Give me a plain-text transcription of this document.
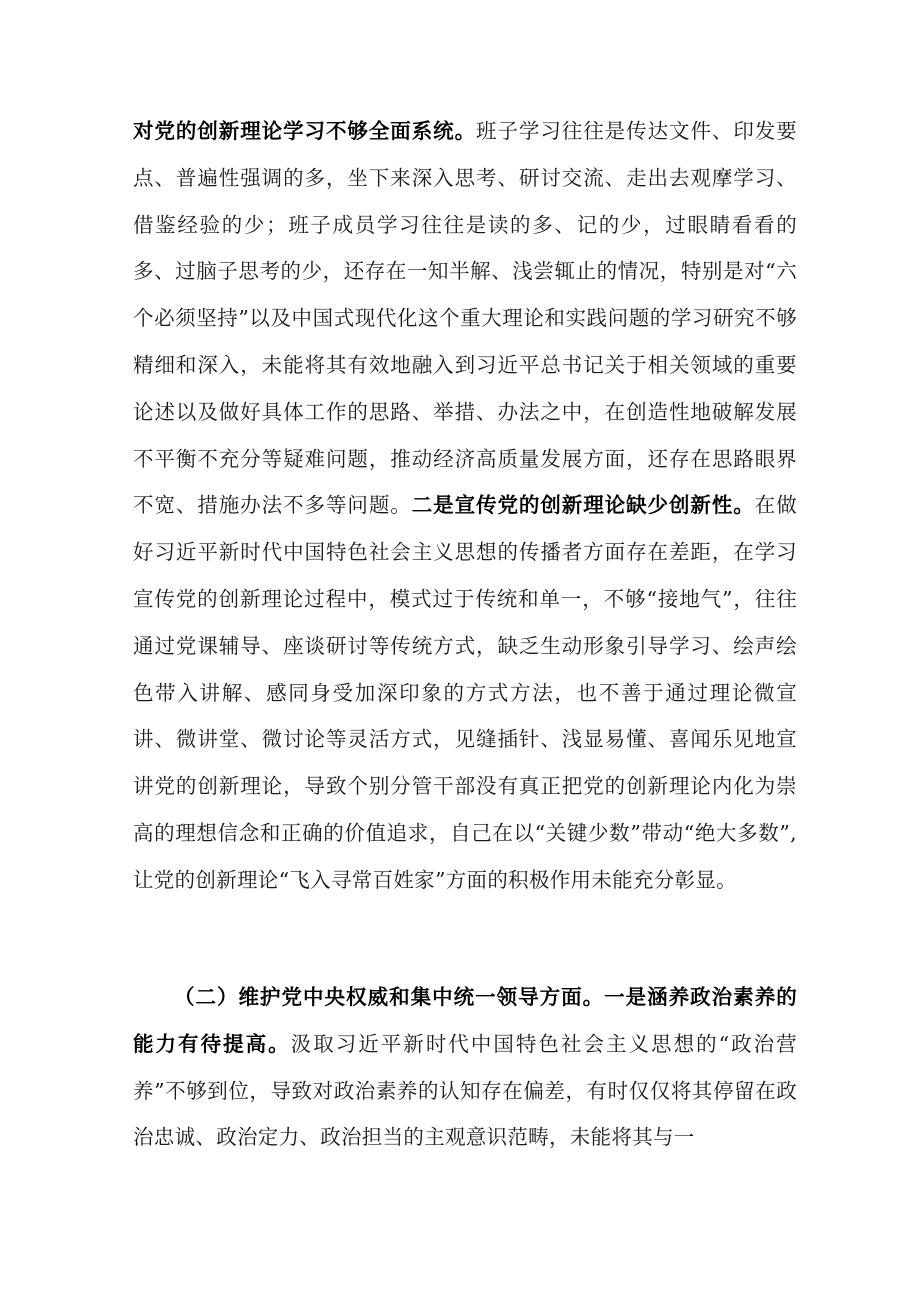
对党的创新理论学习不够全面系统。班子学习往往是传达文件、印发要点、普遍性强调的多，坐下来深入思考、研讨交流、走出去观摩学习、借鉴经验的少；班子成员学习往往是读的多、记的少，过眼睛看看的多、过脑子思考的少，还存在一知半解、浅尝辄止的情况，特别是对“六个必须坚持”以及中国式现代化这个重大理论和实践问题的学习研究不够精细和深入，未能将其有效地融入到习近平总书记关于相关领域的重要论述以及做好具体工作的思路、举措、办法之中，在创造性地破解发展不平衡不充分等疑难问题，推动经济高质量发展方面，还存在思路眼界不宽、措施办法不多等问题。二是宣传党的创新理论缺少创新性。在做好习近平新时代中国特色社会主义思想的传播者方面存在差距，在学习宣传党的创新理论过程中，模式过于传统和单一，不够“接地气”，往往通过党课辅导、座谈研讨等传统方式，缺乏生动形象引导学习、绘声绘色带入讲解、感同身受加深印象的方式方法，也不善于通过理论微宣讲、微讲堂、微讨论等灵活方式，见缝插针、浅显易懂、喜闻乐见地宣讲党的创新理论，导致个别分管干部没有真正把党的创新理论内化为崇高的理想信念和正确的价值追求，自己在以“关键少数”带动“绝大多数”,让党的创新理论“飞入寻常百姓家”方面的积极作用未能充分彰显。

（二）维护党中央权威和集中统一领导方面。一是涵养政治素养的能力有待提高。汲取习近平新时代中国特色社会主义思想的“政治营养”不够到位，导致对政治素养的认知存在偏差，有时仅仅将其停留在政治忠诚、政治定力、政治担当的主观意识范畴，未能将其与一
